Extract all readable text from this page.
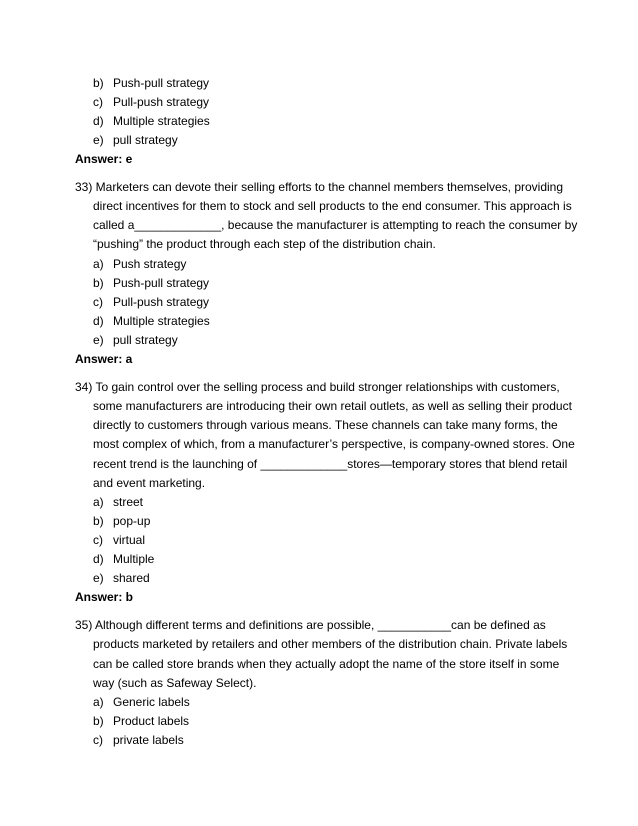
b) Push-pull strategy
c) Pull-push strategy
d) Multiple strategies
e) pull strategy
Answer: e
33) Marketers can devote their selling efforts to the channel members themselves, providing
direct incentives for them to stock and sell products to the end consumer. This approach is
called a_____________, because the manufacturer is attempting to reach the consumer by
“pushing” the product through each step of the distribution chain.
a) Push strategy
b) Push-pull strategy
c) Pull-push strategy
d) Multiple strategies
e) pull strategy
Answer: a
34) To gain control over the selling process and build stronger relationships with customers,
some manufacturers are introducing their own retail outlets, as well as selling their product
directly to customers through various means. These channels can take many forms, the
most complex of which, from a manufacturer’s perspective, is company-owned stores. One
recent trend is the launching of _____________stores—temporary stores that blend retail
and event marketing.
a) street
b) pop-up
c) virtual
d) Multiple
e) shared
Answer: b
35) Although different terms and definitions are possible, ___________can be defined as
products marketed by retailers and other members of the distribution chain. Private labels
can be called store brands when they actually adopt the name of the store itself in some
way (such as Safeway Select).
a) Generic labels
b) Product labels
c) private labels
